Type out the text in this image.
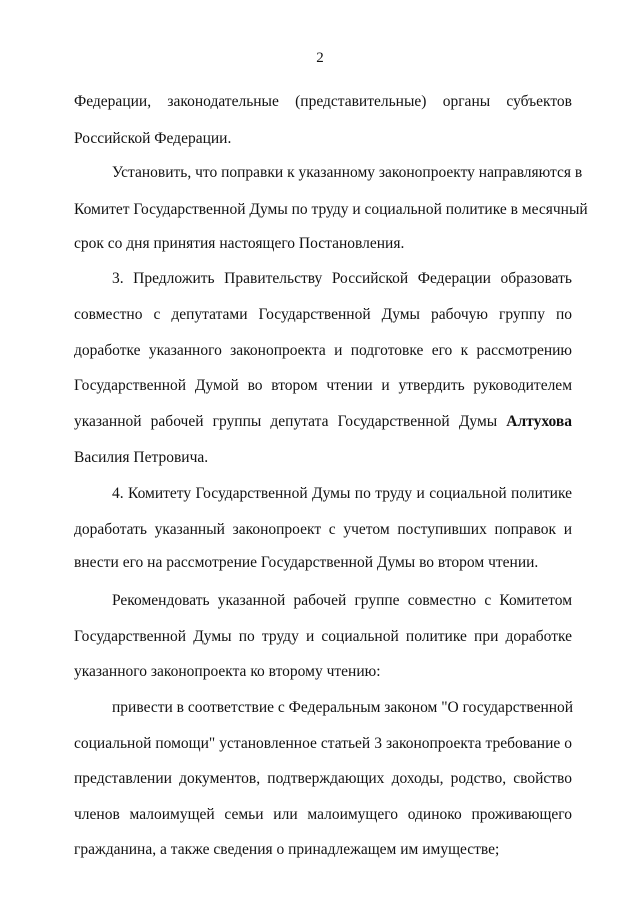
2
Федерации, законодательные (представительные) органы субъектов
Российской Федерации.
Установить, что поправки к указанному законопроекту направляются в
Комитет Государственной Думы по труду и социальной политике в месячный
срок со дня принятия настоящего Постановления.
3. Предложить Правительству Российской Федерации образовать
совместно с депутатами Государственной Думы рабочую группу по
доработке указанного законопроекта и подготовке его к рассмотрению
Государственной Думой во втором чтении и утвердить руководителем
указанной рабочей группы депутата Государственной Думы Алтухова
Василия Петровича.
4. Комитету Государственной Думы по труду и социальной политике
доработать указанный законопроект с учетом поступивших поправок и
внести его на рассмотрение Государственной Думы во втором чтении.
Рекомендовать указанной рабочей группе совместно с Комитетом
Государственной Думы по труду и социальной политике при доработке
указанного законопроекта ко второму чтению:
привести в соответствие с Федеральным законом "О государственной
социальной помощи" установленное статьей 3 законопроекта требование о
представлении документов, подтверждающих доходы, родство, свойство
членов малоимущей семьи или малоимущего одиноко проживающего
гражданина, а также сведения о принадлежащем им имуществе;
